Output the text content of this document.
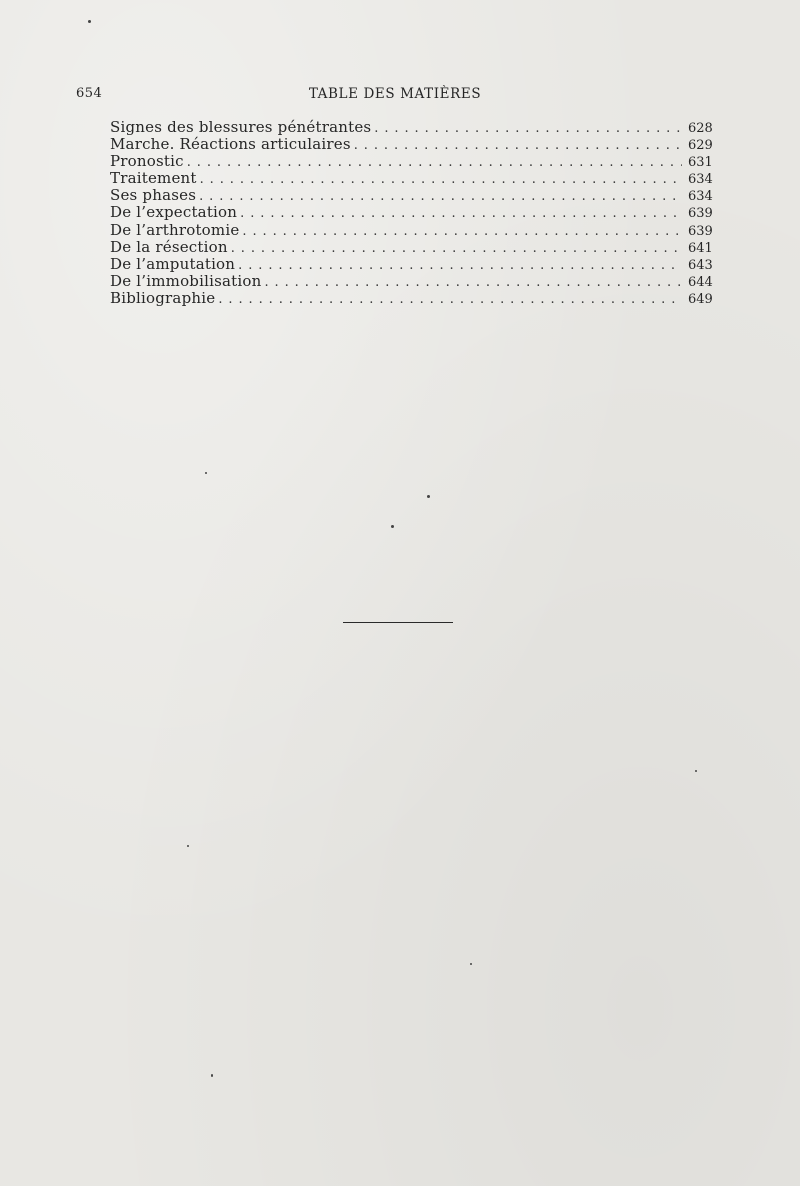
654	TABLE DES MATIÈRES
Signes des blessures pénétrantes . . .	628
Marche. Réactions articulaires . . .	629
Pronostic . . .	631
Traitement . . .	634
Ses phases . . .	634
De l’expectation . . .	639
De l’arthrotomie . . .	639
De la résection . . .	641
De l’amputation . . .	643
De l’immobilisation . . .	644
Bibliographie . . .	649
